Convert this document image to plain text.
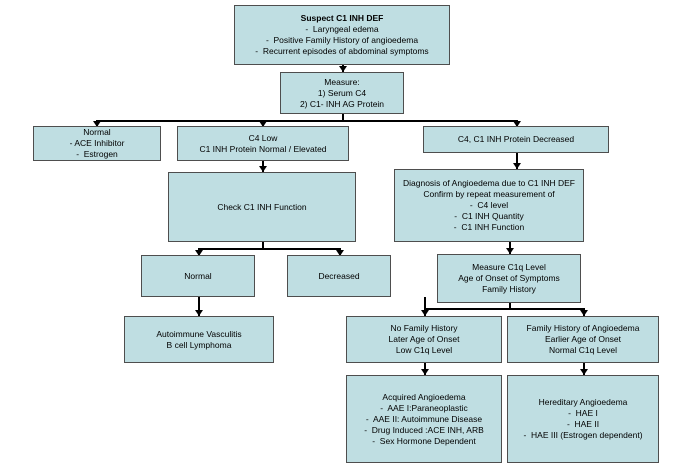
Suspect C1 INH DEF
-  Laryngeal edema
-  Positive Family History of angioedema
-  Recurrent episodes of abdominal symptoms
Measure:
1) Serum C4
2) C1- INH AG Protein
Normal
- ACE Inhibitor
-  Estrogen
C4 Low
C1 INH Protein Normal / Elevated
C4, C1 INH Protein Decreased
Check C1 INH Function
Diagnosis of Angioedema due to C1 INH DEF
Confirm by repeat measurement of
-  C4 level
-  C1 INH Quantity
-  C1 INH Function
Normal	Decreased
Measure C1q Level
Age of Onset of Symptoms
Family History
Autoimmune Vasculitis
B cell Lymphoma
No Family History
Later Age of Onset
Low C1q Level
Family History of Angioedema
Earlier Age of Onset
Normal C1q Level
Acquired Angioedema
-  AAE I:Paraneoplastic
-  AAE II: Autoimmune Disease
-  Drug Induced :ACE INH, ARB
-  Sex Hormone Dependent
Hereditary Angioedema
-  HAE I
-  HAE II
-  HAE III (Estrogen dependent)
